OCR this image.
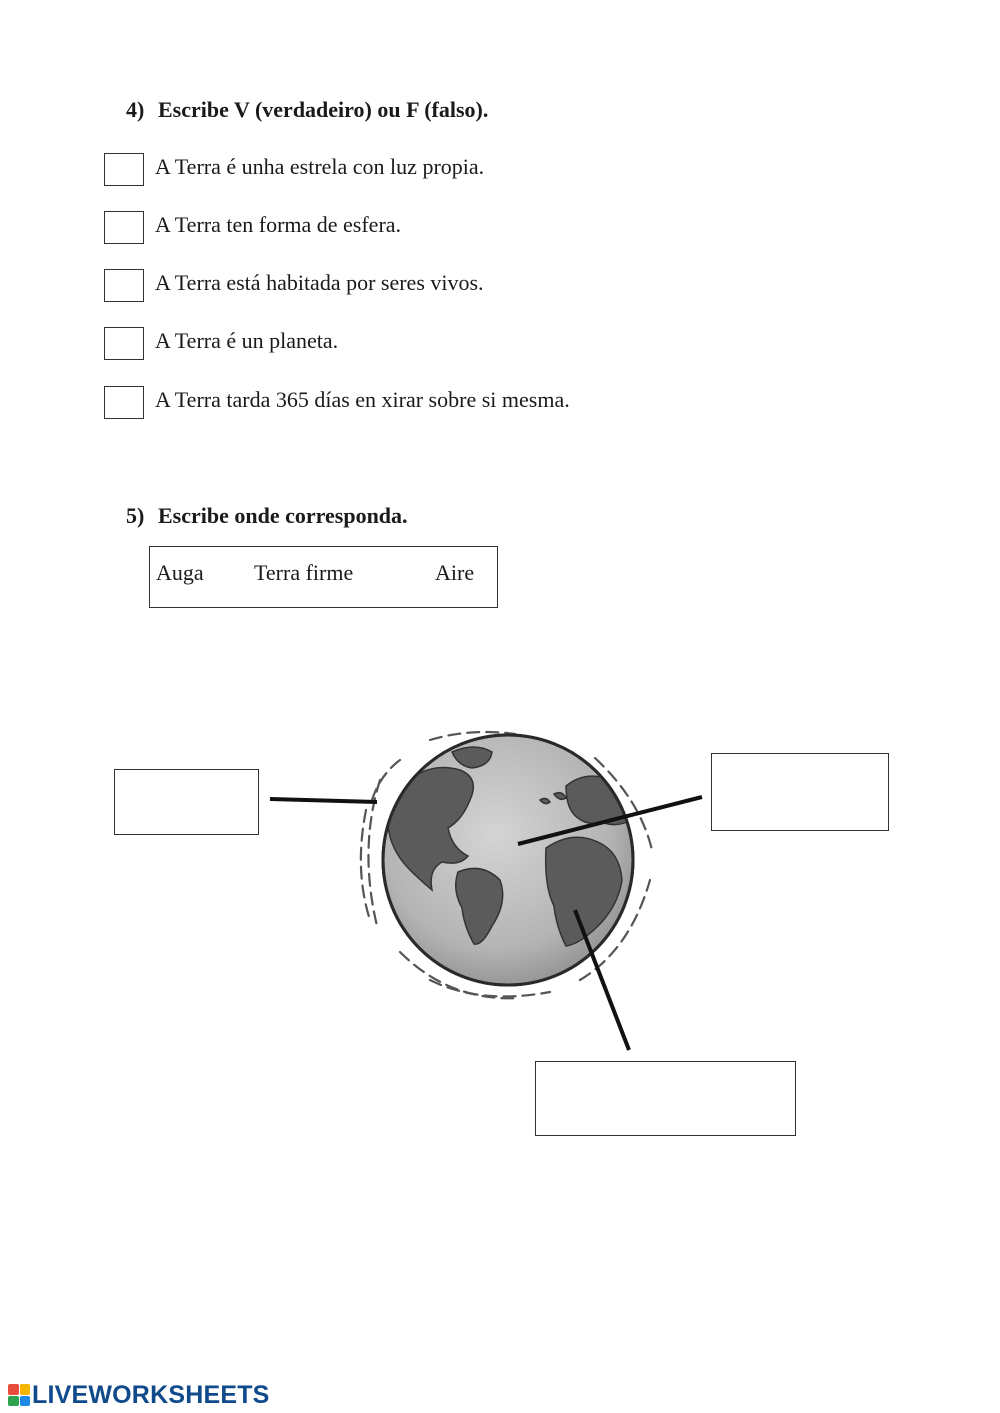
4) Escribe V (verdadeiro) ou F (falso).
A Terra é unha estrela con luz propia.
A Terra ten forma de esfera.
A Terra está habitada por seres vivos.
A Terra é un planeta.
A Terra tarda 365 días en xirar sobre si mesma.
5) Escribe onde corresponda.
Auga Terra firme	Aire
LIVEWORKSHEETS
